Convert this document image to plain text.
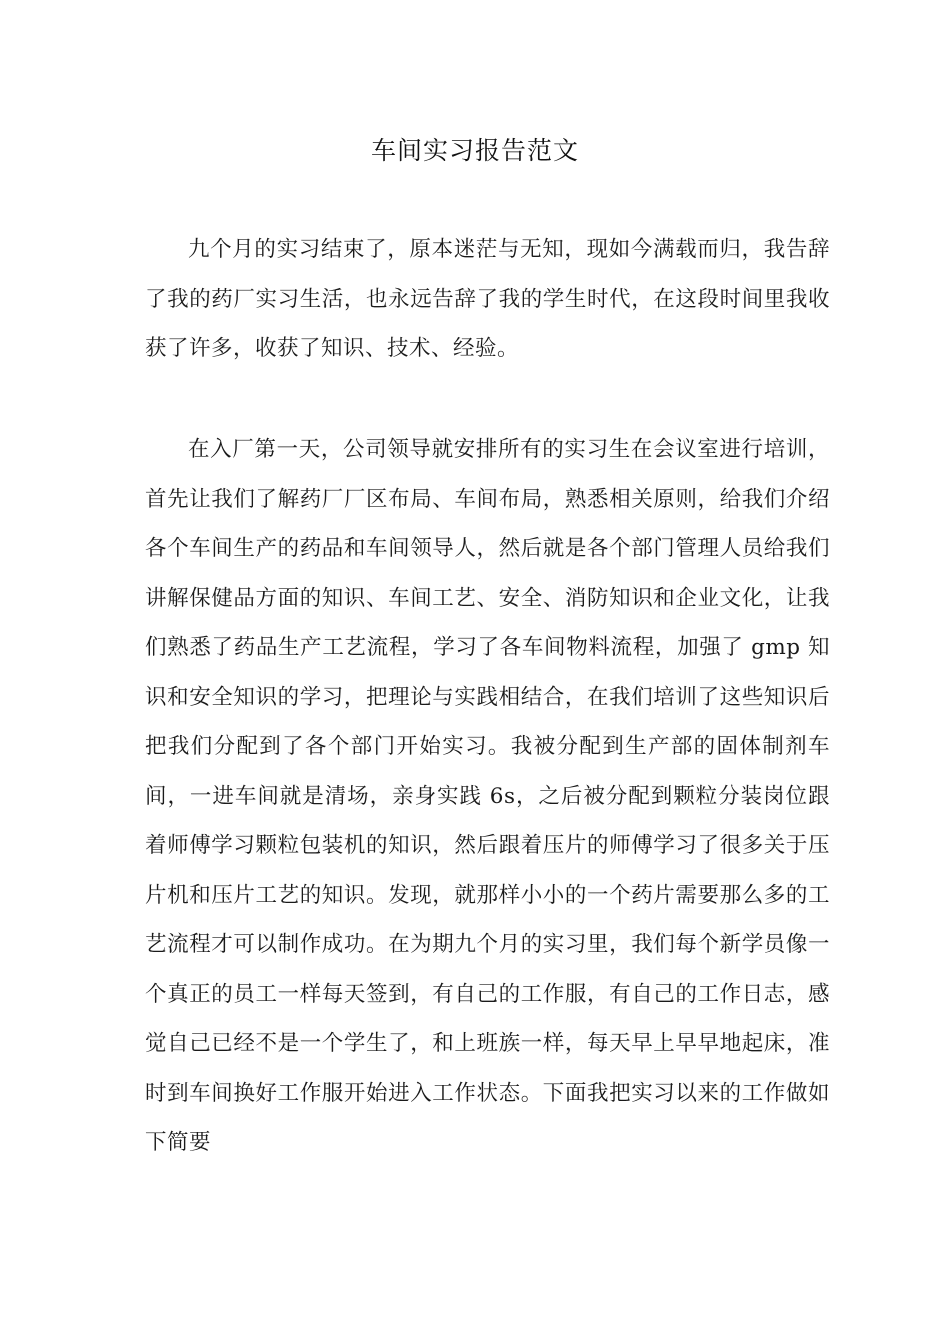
车间实习报告范文

九个月的实习结束了，原本迷茫与无知，现如今满载而归，我告辞了我的药厂实习生活，也永远告辞了我的学生时代，在这段时间里我收获了许多，收获了知识、技术、经验。

在入厂第一天，公司领导就安排所有的实习生在会议室进行培训，首先让我们了解药厂厂区布局、车间布局，熟悉相关原则，给我们介绍各个车间生产的药品和车间领导人，然后就是各个部门管理人员给我们讲解保健品方面的知识、车间工艺、安全、消防知识和企业文化，让我们熟悉了药品生产工艺流程，学习了各车间物料流程，加强了 gmp 知识和安全知识的学习，把理论与实践相结合，在我们培训了这些知识后把我们分配到了各个部门开始实习。我被分配到生产部的固体制剂车间，一进车间就是清场，亲身实践 6s，之后被分配到颗粒分装岗位跟着师傅学习颗粒包装机的知识，然后跟着压片的师傅学习了很多关于压片机和压片工艺的知识。发现，就那样小小的一个药片需要那么多的工艺流程才可以制作成功。在为期九个月的实习里，我们每个新学员像一个真正的员工一样每天签到，有自己的工作服，有自己的工作日志，感觉自己已经不是一个学生了，和上班族一样，每天早上早早地起床，准时到车间换好工作服开始进入工作状态。下面我把实习以来的工作做如下简要
